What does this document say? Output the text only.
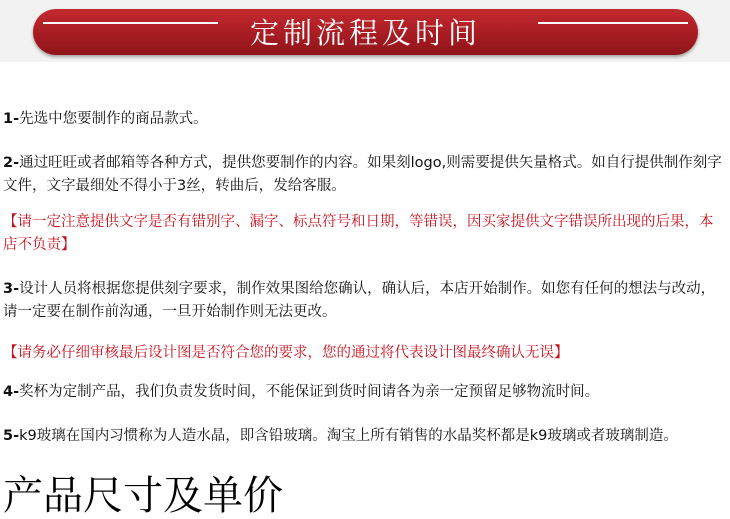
定制流程及时间
1-先选中您要制作的商品款式。
2-通过旺旺或者邮箱等各种方式，提供您要制作的内容。如果刻logo,则需要提供矢量格式。如自行提供制作刻字文件，文字最细处不得小于3丝，转曲后，发给客服。
【请一定注意提供文字是否有错别字、漏字、标点符号和日期，等错误，因买家提供文字错误所出现的后果，本店不负责】
3-设计人员将根据您提供刻字要求，制作效果图给您确认，确认后，本店开始制作。如您有任何的想法与改动，请一定要在制作前沟通，一旦开始制作则无法更改。
【请务必仔细审核最后设计图是否符合您的要求，您的通过将代表设计图最终确认无误】
4-奖杯为定制产品，我们负责发货时间，不能保证到货时间请各为亲一定预留足够物流时间。
5-k9玻璃在国内习惯称为人造水晶，即含铅玻璃。淘宝上所有销售的水晶奖杯都是k9玻璃或者玻璃制造。
产品尺寸及单价
